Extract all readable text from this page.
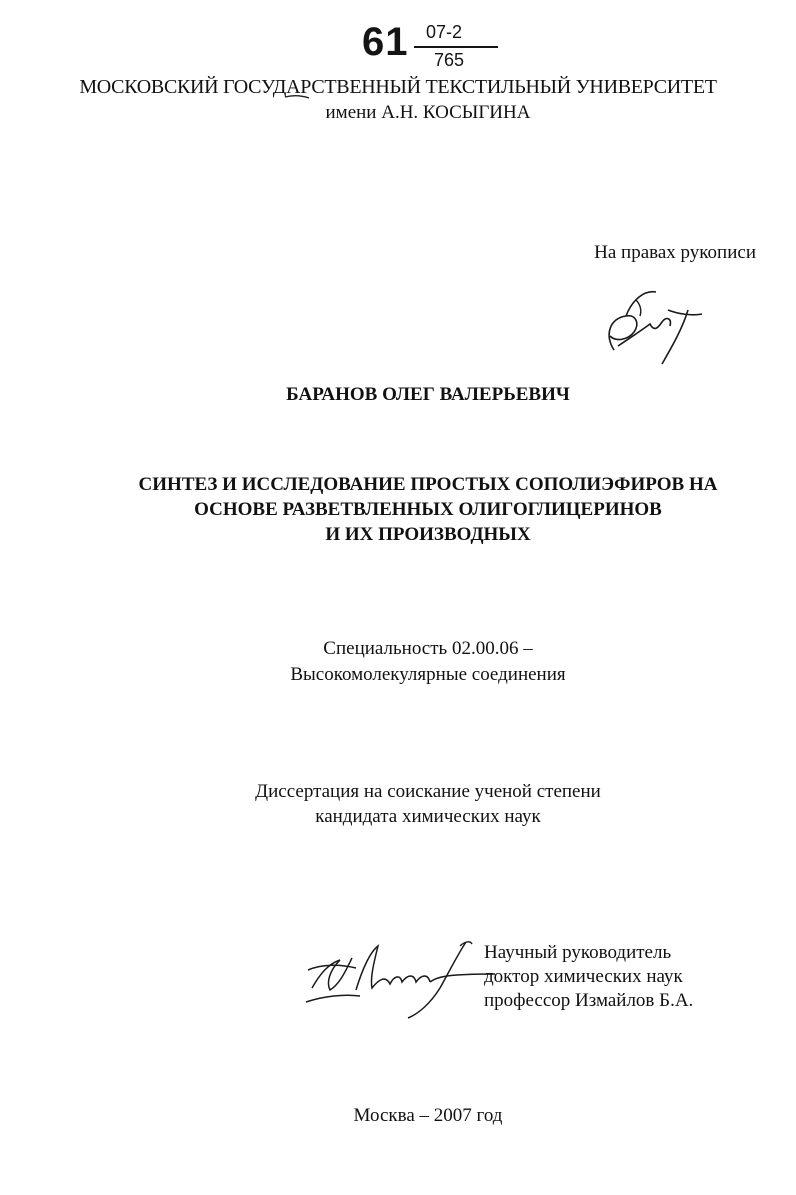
61 07-2
765
МОСКОВСКИЙ ГОСУДАРСТВЕННЫЙ ТЕКСТИЛЬНЫЙ УНИВЕРСИТЕТ
имени А.Н. КОСЫГИНА
На правах рукописи
БАРАНОВ ОЛЕГ ВАЛЕРЬЕВИЧ
СИНТЕЗ И ИССЛЕДОВАНИЕ ПРОСТЫХ СОПОЛИЭФИРОВ НА
ОСНОВЕ РАЗВЕТВЛЕННЫХ ОЛИГОГЛИЦЕРИНОВ
И ИХ ПРОИЗВОДНЫХ
Специальность 02.00.06 –
Высокомолекулярные соединения
Диссертация на соискание ученой степени
кандидата химических наук
Научный руководитель
доктор химических наук
профессор Измайлов Б.А.
Москва – 2007 год
